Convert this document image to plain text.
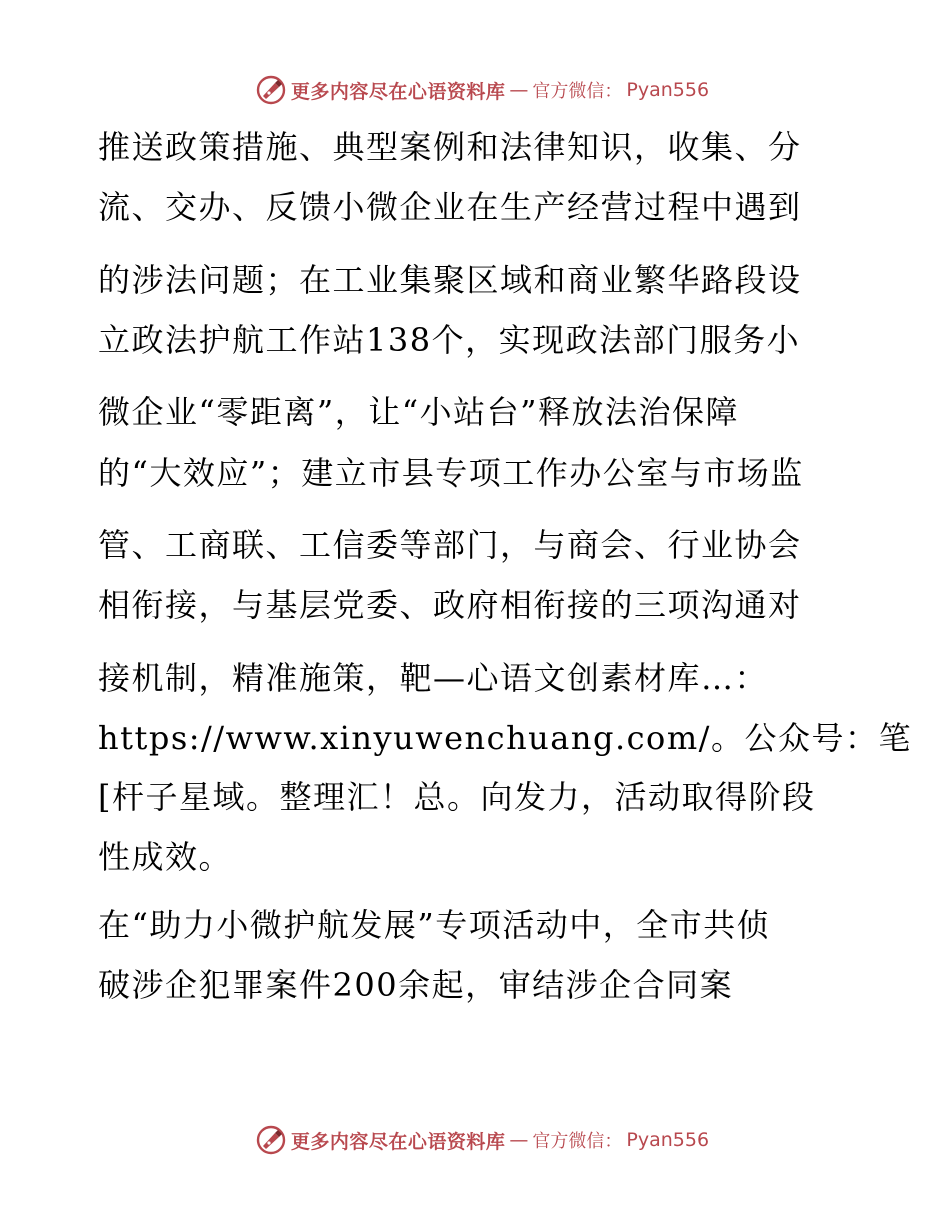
更多内容尽在心语资料库 — 官方微信： Pyan556
推送政策措施、典型案例和法律知识，收集、分
流、交办、反馈小微企业在生产经营过程中遇到
的涉法问题；在工业集聚区域和商业繁华路段设
立政法护航工作站138个，实现政法部门服务小
微企业“零距离”，让“小站台”释放法治保障
的“大效应”；建立市县专项工作办公室与市场监
管、工商联、工信委等部门，与商会、行业协会
相衔接，与基层党委、政府相衔接的三项沟通对
接机制，精准施策，靶—心语文创素材库…：
https://www.xinyuwenchuang.com/。公众号：笔
[杆子星域。整理汇！总。向发力，活动取得阶段
性成效。
在“助力小微护航发展”专项活动中，全市共侦
破涉企犯罪案件200余起，审结涉企合同案
更多内容尽在心语资料库 — 官方微信： Pyan556
